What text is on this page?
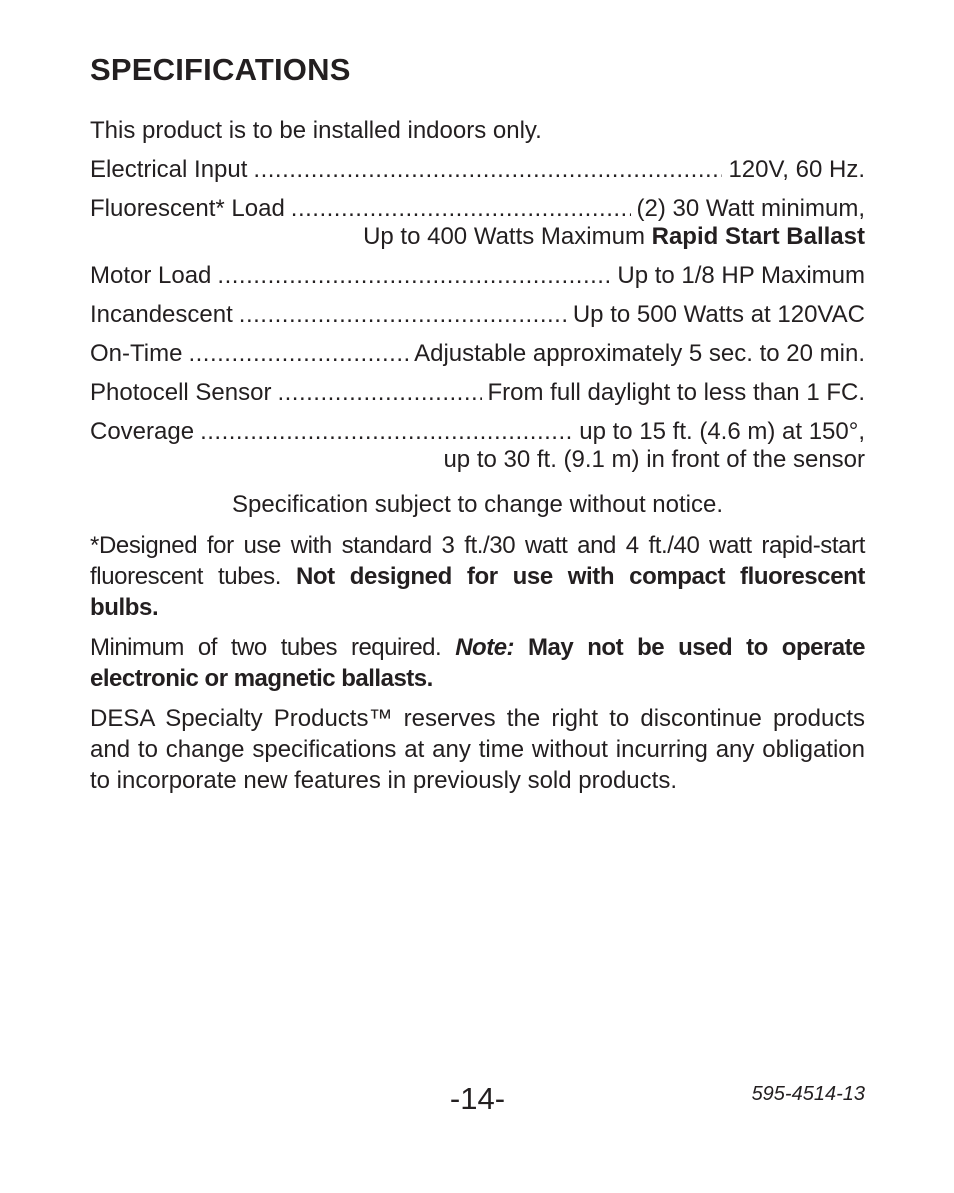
SPECIFICATIONS
This product is to be installed indoors only.
Electrical Input .....	120V, 60 Hz.
Fluorescent* Load .....	(2) 30 Watt minimum,
Up to 400 Watts Maximum Rapid Start Ballast
Motor Load .....	Up to 1/8 HP Maximum
Incandescent .....	Up to 500 Watts at 120VAC
On-Time .....	Adjustable approximately 5 sec. to 20 min.
Photocell Sensor .....	From full daylight to less than 1 FC.
Coverage .....	up to 15 ft. (4.6 m) at 150°,
up to 30 ft. (9.1 m) in front of the sensor
Specification subject to change without notice.
*Designed for use with standard 3 ft./30 watt and 4 ft./40 watt rapid-start fluorescent tubes. Not designed for use with compact fluorescent bulbs.
Minimum of two tubes required. Note: May not be used to operate electronic or magnetic ballasts.
DESA Specialty Products™ reserves the right to discontinue products and to change specifications at any time without incurring any obligation to incorporate new features in previously sold products.
-14-	595-4514-13
